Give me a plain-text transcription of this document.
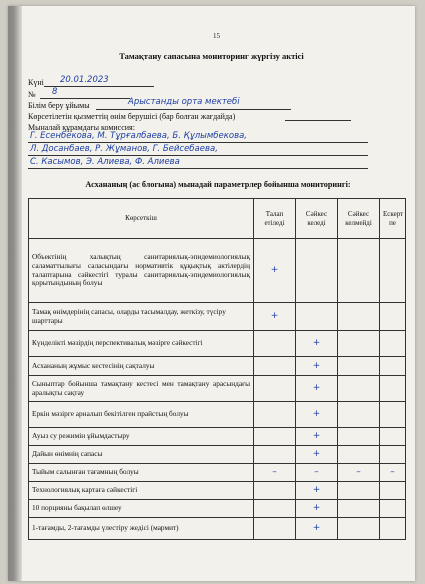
15
Тамақтану сапасына мониторинг жүргізу актісі
Күні 20.01.2023
№ 8
Білім беру ұйымы	Арыстанды орта мектебі
Көрсетілетін қызметтің өнім берушісі (бар болған жағдайда)
Мыналай құрамдағы комиссия:
Г. Есенбекова, М. Тұрғалбаева, Б. Құлымбекова,
Л. Досанбаев, Р. Жұманов, Г. Бейсебаева,
С. Касымов, Э. Алиева, Ф. Алиева
Асхананың (ас блогына) мынадай параметрлер бойынша мониторингі:
Көрсеткіш	Талап етіледі	Сәйкес келеді	Сәйкес келмейді	Ескерт пе
Объектінің халықтың санитариялық-эпидемиологиялық саламаттылығы саласындағы нормативтік құқықтық актілердің талаптарына сәйкестігі туралы санитариялық-эпидемиологиялық қорытындының болуы	+			
Тамақ өнімдерінің сапасы, оларды тасымалдау, жеткізу, түсіру шарттары	+			
Күнделікті мәзірдің перспективалық мәзірге сәйкестігі		+		
Асхананың жұмыс кестесінің сақталуы		+		
Сыныптар бойынша тамақтану кестесі мен тамақтану арасындағы аралықты сақтау		+		
Еркін мәзірге арналып бекітілген прайстың болуы		+		
Ауыз су режимін ұйымдастыру		+		
Дайын өнімнің сапасы		+		
Тыйым салынған тағамның болуы	–	–	–	–
Технологиялық картаға сәйкестігі		+		
10 порцияны бақылап өлшеу		+		
1-тағамды, 2-тағамды үлестіру жедісі (мармит)		+		
